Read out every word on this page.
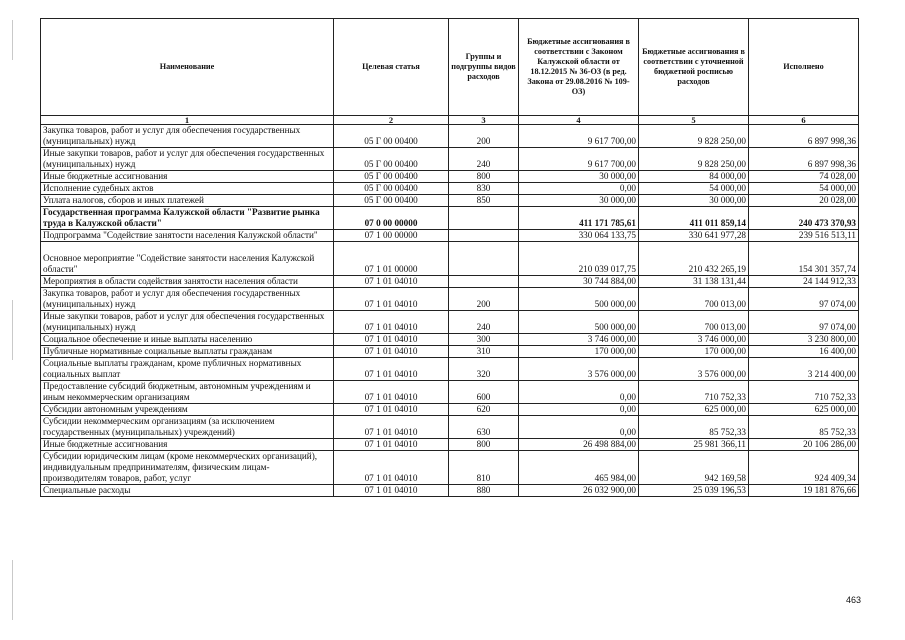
Наименование	Целевая статья	Группы и подгруппы видов расходов	Бюджетные ассигнования в соответствии с Законом Калужской области от 18.12.2015 № 36-ОЗ (в ред. Закона от 29.08.2016 № 109-ОЗ)	Бюджетные ассигнования в соответствии с уточненной бюджетной росписью расходов	Исполнено
1	2	3	4	5	6
Закупка товаров, работ и услуг для обеспечения государственных (муниципальных) нужд	05 Г 00 00400	200	9 617 700,00	9 828 250,00	6 897 998,36
Иные закупки товаров, работ и услуг для обеспечения государственных (муниципальных) нужд	05 Г 00 00400	240	9 617 700,00	9 828 250,00	6 897 998,36
Иные бюджетные ассигнования	05 Г 00 00400	800	30 000,00	84 000,00	74 028,00
Исполнение судебных актов	05 Г 00 00400	830	0,00	54 000,00	54 000,00
Уплата налогов, сборов и иных платежей	05 Г 00 00400	850	30 000,00	30 000,00	20 028,00
Государственная программа Калужской области "Развитие рынка труда в Калужской области"	07 0 00 00000		411 171 785,61	411 011 859,14	240 473 370,93
Подпрограмма "Содействие занятости населения Калужской области"	07 1 00 00000		330 064 133,75	330 641 977,28	239 516 513,11
Основное мероприятие "Содействие занятости населения Калужской области"	07 1 01 00000		210 039 017,75	210 432 265,19	154 301 357,74
Мероприятия в области содействия занятости населения области	07 1 01 04010		30 744 884,00	31 138 131,44	24 144 912,33
Закупка товаров, работ и услуг для обеспечения государственных (муниципальных) нужд	07 1 01 04010	200	500 000,00	700 013,00	97 074,00
Иные закупки товаров, работ и услуг для обеспечения государственных (муниципальных) нужд	07 1 01 04010	240	500 000,00	700 013,00	97 074,00
Социальное обеспечение и иные выплаты населению	07 1 01 04010	300	3 746 000,00	3 746 000,00	3 230 800,00
Публичные нормативные социальные выплаты гражданам	07 1 01 04010	310	170 000,00	170 000,00	16 400,00
Социальные выплаты гражданам, кроме публичных нормативных социальных выплат	07 1 01 04010	320	3 576 000,00	3 576 000,00	3 214 400,00
Предоставление субсидий бюджетным, автономным учреждениям и иным некоммерческим организациям	07 1 01 04010	600	0,00	710 752,33	710 752,33
Субсидии автономным учреждениям	07 1 01 04010	620	0,00	625 000,00	625 000,00
Субсидии некоммерческим организациям (за исключением государственных (муниципальных) учреждений)	07 1 01 04010	630	0,00	85 752,33	85 752,33
Иные бюджетные ассигнования	07 1 01 04010	800	26 498 884,00	25 981 366,11	20 106 286,00
Субсидии юридическим лицам (кроме некоммерческих организаций), индивидуальным предпринимателям, физическим лицам-производителям товаров, работ, услуг	07 1 01 04010	810	465 984,00	942 169,58	924 409,34
Специальные расходы	07 1 01 04010	880	26 032 900,00	25 039 196,53	19 181 876,66
463
